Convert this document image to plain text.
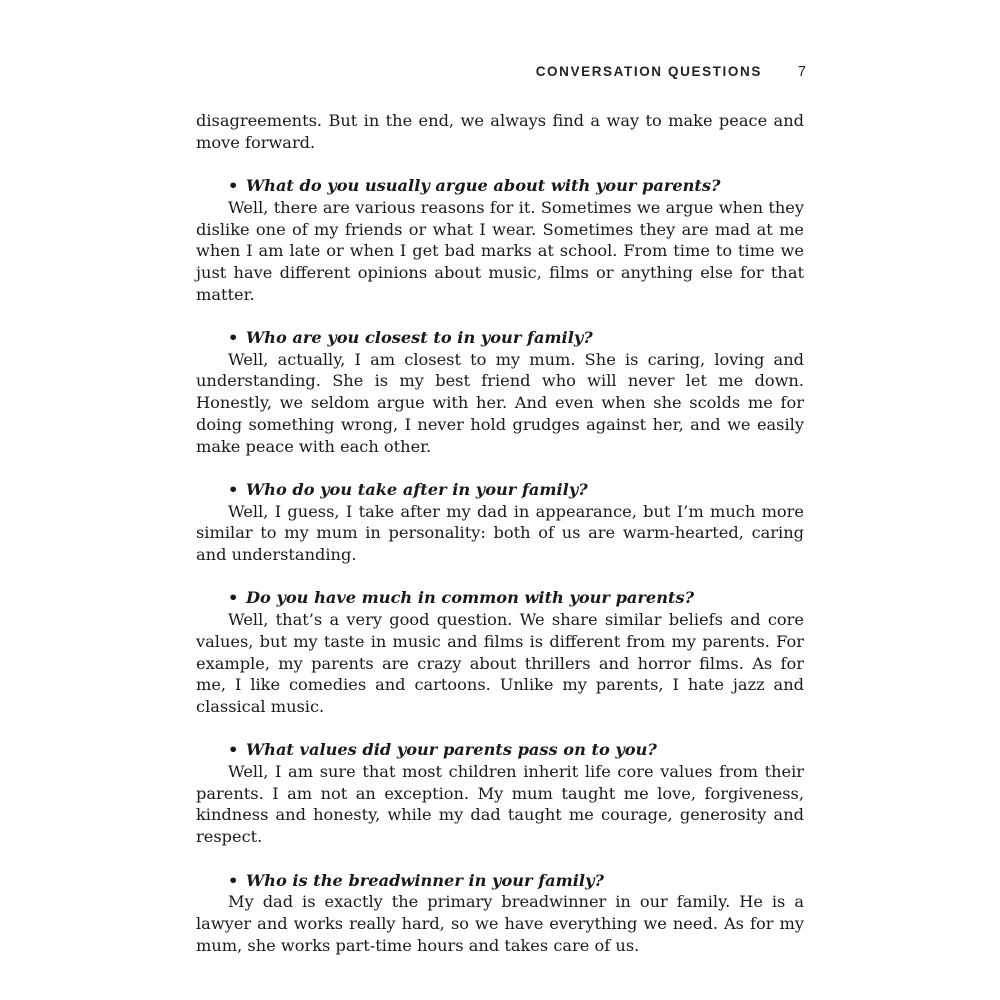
CONVERSATION QUESTIONS 7

disagreements. But in the end, we always find a way to make peace and move forward.

• What do you usually argue about with your parents?

Well, there are various reasons for it. Sometimes we argue when they dislike one of my friends or what I wear. Sometimes they are mad at me when I am late or when I get bad marks at school. From time to time we just have different opinions about music, films or anything else for that matter.

• Who are you closest to in your family?

Well, actually, I am closest to my mum. She is caring, loving and understanding. She is my best friend who will never let me down. Honestly, we seldom argue with her. And even when she scolds me for doing something wrong, I never hold grudges against her, and we easily make peace with each other.

• Who do you take after in your family?

Well, I guess, I take after my dad in appearance, but I’m much more similar to my mum in personality: both of us are warm-hearted, caring and understanding.

• Do you have much in common with your parents?

Well, that’s a very good question. We share similar beliefs and core values, but my taste in music and films is different from my parents. For example, my parents are crazy about thrillers and horror films. As for me, I like comedies and cartoons. Unlike my parents, I hate jazz and classical music.

• What values did your parents pass on to you?

Well, I am sure that most children inherit life core values from their parents. I am not an exception. My mum taught me love, forgiveness, kindness and honesty, while my dad taught me courage, generosity and respect.

• Who is the breadwinner in your family?

My dad is exactly the primary breadwinner in our family. He is a lawyer and works really hard, so we have everything we need. As for my mum, she works part-time hours and takes care of us.
